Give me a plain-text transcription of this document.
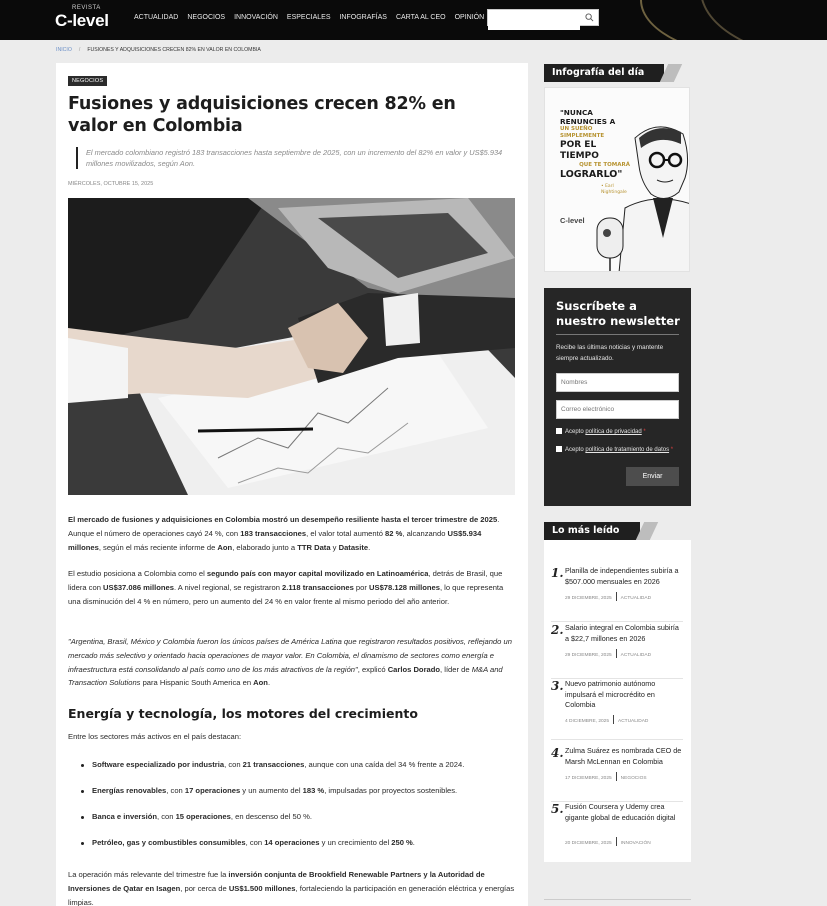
REVISTA
C-level	ACTUALIDAD NEGOCIOS INNOVACIÓN ESPECIALES INFOGRAFÍAS CARTA AL CEO OPINIÓN
INICIO / FUSIONES Y ADQUISICIONES CRECEN 82% EN VALOR EN COLOMBIA
NEGOCIOS
Fusiones y adquisiciones crecen 82% en valor en Colombia
El mercado colombiano registró 183 transacciones hasta septiembre de 2025, con un incremento del 82% en valor y US$5.934 millones movilizados, según Aon.
MIÉRCOLES, OCTUBRE 15, 2025

El mercado de fusiones y adquisiciones en Colombia mostró un desempeño resiliente hasta el tercer trimestre de 2025. Aunque el número de operaciones cayó 24 %, con 183 transacciones, el valor total aumentó 82 %, alcanzando US$5.934 millones, según el más reciente informe de Aon, elaborado junto a TTR Data y Datasite.

El estudio posiciona a Colombia como el segundo país con mayor capital movilizado en Latinoamérica, detrás de Brasil, que lidera con US$37.086 millones. A nivel regional, se registraron 2.118 transacciones por US$78.128 millones, lo que representa una disminución del 4 % en número, pero un aumento del 24 % en valor frente al mismo periodo del año anterior.

"Argentina, Brasil, México y Colombia fueron los únicos países de América Latina que registraron resultados positivos, reflejando un mercado más selectivo y orientado hacia operaciones de mayor valor. En Colombia, el dinamismo de sectores como energía e infraestructura está consolidando al país como uno de los más atractivos de la región", explicó Carlos Dorado, líder de M&A and Transaction Solutions para Hispanic South America en Aon.

Energía y tecnología, los motores del crecimiento

Entre los sectores más activos en el país destacan:

Software especializado por industria, con 21 transacciones, aunque con una caída del 34 % frente a 2024.
Energías renovables, con 17 operaciones y un aumento del 183 %, impulsadas por proyectos sostenibles.
Banca e inversión, con 15 operaciones, en descenso del 50 %.
Petróleo, gas y combustibles consumibles, con 14 operaciones y un crecimiento del 250 %.

La operación más relevante del trimestre fue la inversión conjunta de Brookfield Renewable Partners y la Autoridad de Inversiones de Qatar en Isagen, por cerca de US$1.500 millones, fortaleciendo la participación en generación eléctrica y energías limpias.

Infografía del día
"NUNCA RENUNCIES A
UN SUEÑO SIMPLEMENTE
POR EL TIEMPO
QUE TE TOMARÁ
LOGRARLO"
• Earl Nightingale
C-level
Suscríbete a nuestro newsletter
Recibe las últimas noticias y mantente siempre actualizado.
Nombres
Correo electrónico
Acepto política de privacidad *
Acepto política de tratamiento de datos *
Enviar
Lo más leído
1. Planilla de independientes subiría a $507.000 mensuales en 2026
29 DICIEMBRE, 2025 ACTUALIDAD
2. Salario integral en Colombia subiría a $22,7 millones en 2026
29 DICIEMBRE, 2025 ACTUALIDAD
3. Nuevo patrimonio autónomo impulsará el microcrédito en Colombia
4 DICIEMBRE, 2025 ACTUALIDAD
4. Zulma Suárez es nombrada CEO de Marsh McLennan en Colombia
17 DICIEMBRE, 2025 NEGOCIOS
5. Fusión Coursera y Udemy crea gigante global de educación digital
20 DICIEMBRE, 2025 INNOVACIÓN
